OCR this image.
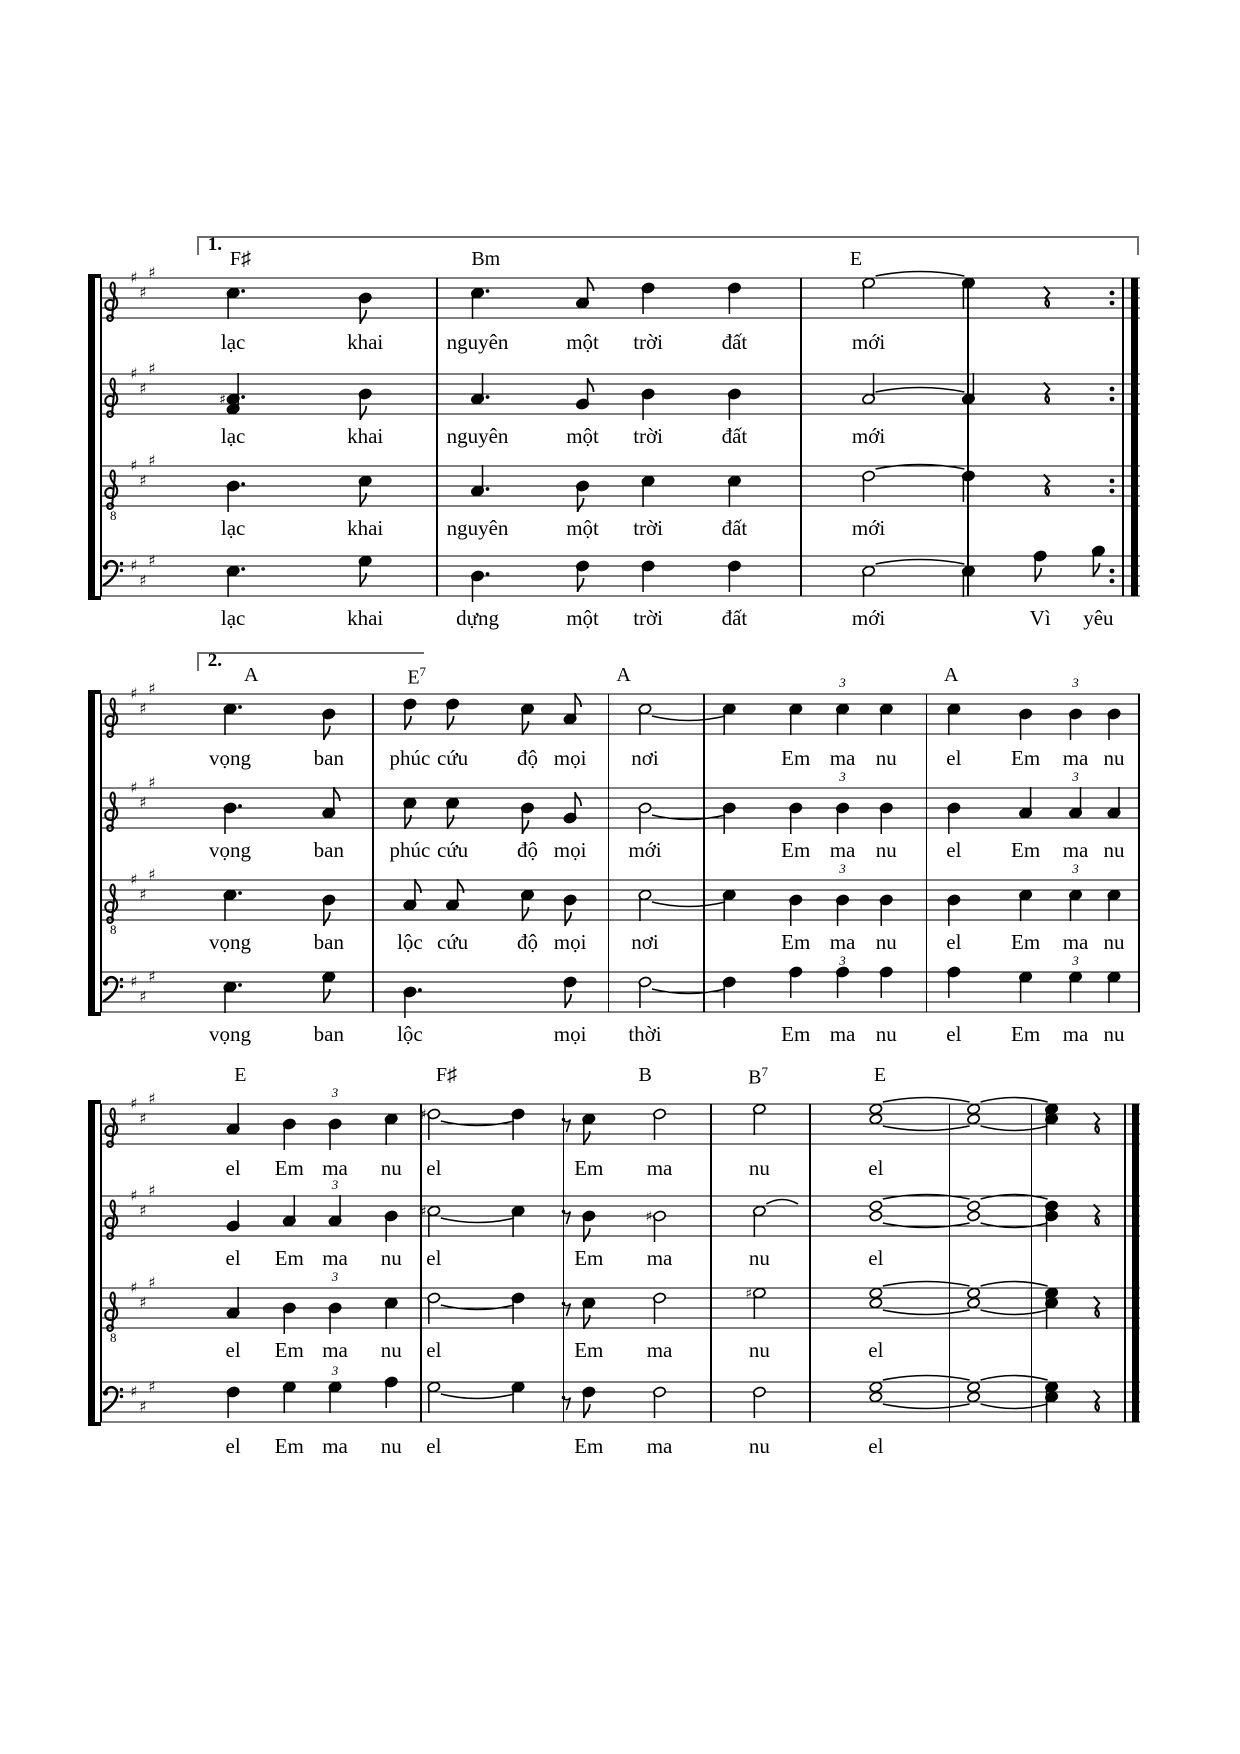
1.
F♯	Bm	E
♯
♯
♯
lạc	khai	nguyên	một trời	đất	mới
♯
♯
♯
♯
lạc	khai	nguyên	một trời	đất	mới
8
♯
♯
♯
lạc	khai	nguyên	một trời	đất	mới
♯
♯
♯
lạc	khai	dựng	một trời	đất	mới	Vì yêu
2.
A	$E^7$	A	A
♯
♯
♯	3	3
vọng	ban phúc cứu độ mọi nơi	Em ma nu el Em ma nu
♯
♯
♯	3	3
vọng	ban phúc cứu độ mọi mới	Em ma nu el Em ma nu
8
♯
♯
♯	3	3
vọng	ban	lộc cứu độ mọi nơi	Em ma nu el Em ma nu
♯
♯
♯
3	3
vọng	ban	lộc	mọi thời	Em ma nu el Em ma nu
E	F♯	B	$B^7$	E
♯
♯
♯
♯
3
el Em ma nu el	Em ma	nu	el
♯
♯
♯
♯	♯
3
el Em ma nu el	Em ma	nu	el
8
♯
♯
♯
♯
3
el Em ma nu el	Em ma	nu	el
♯
♯
♯
3
el Em ma nu el	Em ma	nu	el
